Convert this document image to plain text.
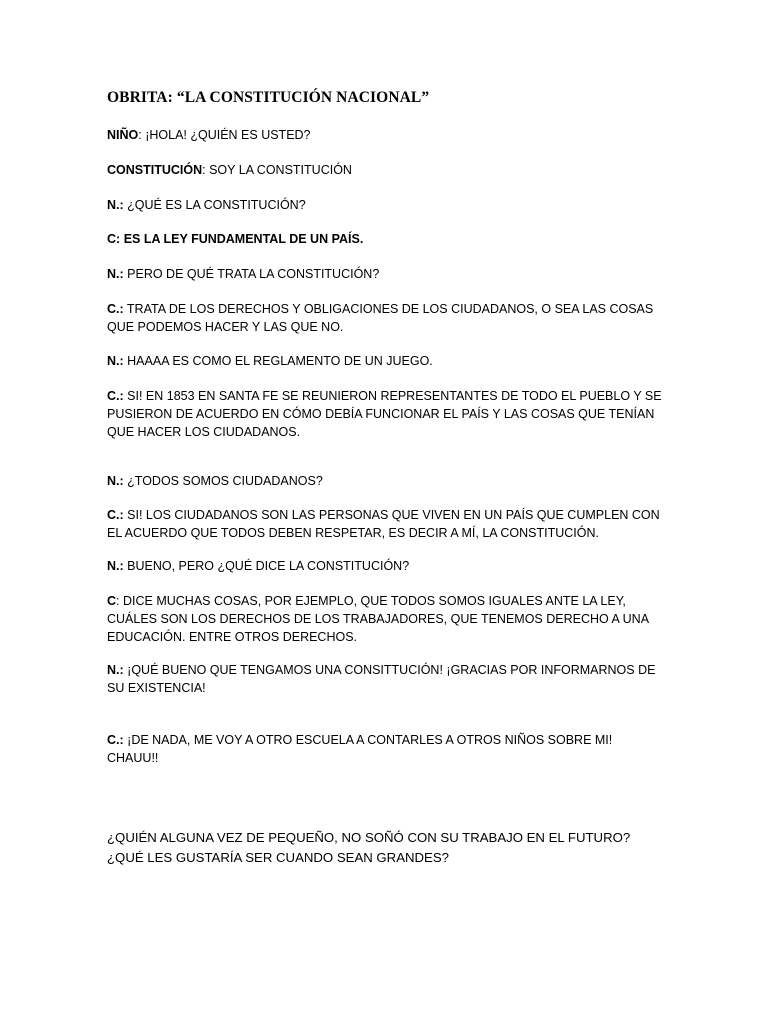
OBRITA: “LA CONSTITUCIÓN NACIONAL”
NIÑO: ¡HOLA! ¿QUIÉN ES USTED?
CONSTITUCIÓN: SOY LA CONSTITUCIÓN
N.: ¿QUÉ ES LA CONSTITUCIÓN?
C: ES LA LEY FUNDAMENTAL DE UN PAÍS.
N.: PERO DE QUÉ TRATA LA CONSTITUCIÓN?
C.: TRATA DE LOS DERECHOS Y OBLIGACIONES DE LOS CIUDADANOS, O SEA LAS COSAS QUE PODEMOS HACER Y LAS QUE NO.
N.: HAAAA ES COMO EL REGLAMENTO DE UN JUEGO.
C.: SI! EN 1853 EN SANTA FE SE REUNIERON REPRESENTANTES DE TODO EL PUEBLO Y SE PUSIERON DE ACUERDO EN CÓMO DEBÍA FUNCIONAR EL PAÍS Y LAS COSAS QUE TENÍAN QUE HACER LOS CIUDADANOS.
N.: ¿TODOS SOMOS CIUDADANOS?
C.: SI! LOS CIUDADANOS SON LAS PERSONAS QUE VIVEN EN UN PAÍS QUE CUMPLEN CON EL ACUERDO QUE TODOS DEBEN RESPETAR, ES DECIR A MÍ, LA CONSTITUCIÓN.
N.: BUENO, PERO ¿QUÉ DICE LA CONSTITUCIÓN?
C: DICE MUCHAS COSAS, POR EJEMPLO, QUE TODOS SOMOS IGUALES ANTE LA LEY, CUÁLES SON LOS DERECHOS DE LOS TRABAJADORES, QUE TENEMOS DERECHO A UNA EDUCACIÓN. ENTRE OTROS DERECHOS.
N.: ¡QUÉ BUENO QUE TENGAMOS UNA CONSITTUCIÓN! ¡GRACIAS POR INFORMARNOS DE SU EXISTENCIA!
C.: ¡DE NADA, ME VOY A OTRO ESCUELA A CONTARLES A OTROS NIÑOS SOBRE MI! CHAUU!!
¿QUIÉN ALGUNA VEZ DE PEQUEÑO, NO SOÑÓ CON SU TRABAJO EN EL FUTURO? ¿QUÉ LES GUSTARÍA SER CUANDO SEAN GRANDES?
